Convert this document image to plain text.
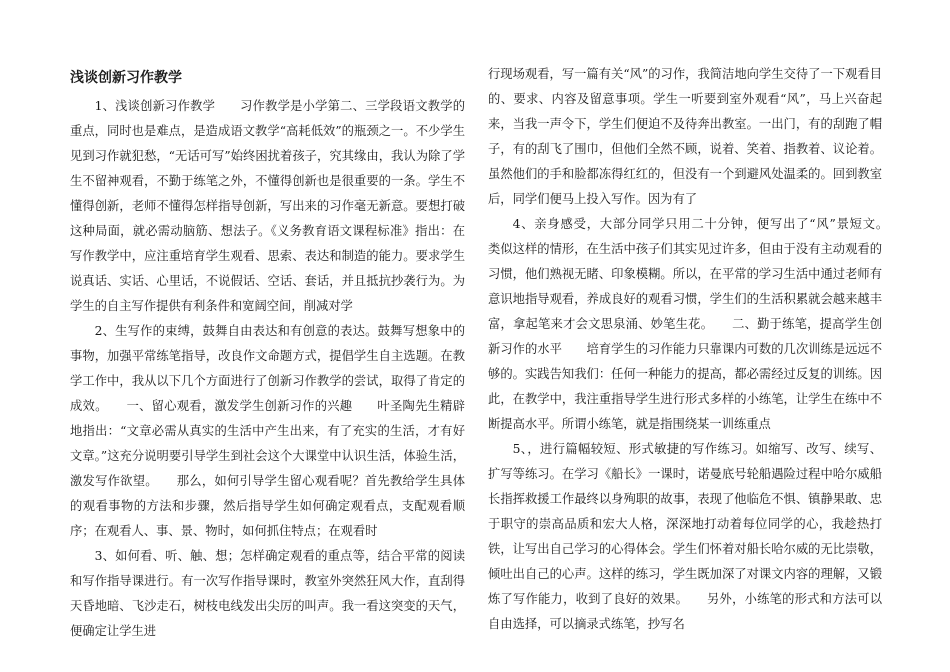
浅谈创新习作教学

1、浅谈创新习作教学　　习作教学是小学第二、三学段语文教学的重点，同时也是难点，是造成语文教学“高耗低效”的瓶颈之一。不少学生见到习作就犯愁，“无话可写”始终困扰着孩子，究其缘由，我认为除了学生不留神观看，不勤于练笔之外，不懂得创新也是很重要的一条。学生不懂得创新，老师不懂得怎样指导创新，写出来的习作毫无新意。要想打破这种局面，就必需动脑筋、想法子。《义务教育语文课程标准》指出：在写作教学中，应注重培育学生观看、思索、表达和制造的能力。要求学生说真话、实话、心里话，不说假话、空话、套话，并且抵抗抄袭行为。为学生的自主写作提供有利条件和宽阔空间，削减对学

2、生写作的束缚，鼓舞自由表达和有创意的表达。鼓舞写想象中的事物，加强平常练笔指导，改良作文命题方式，提倡学生自主选题。在教学工作中，我从以下几个方面进行了创新习作教学的尝试，取得了肯定的成效。　　一、留心观看，激发学生创新习作的兴趣　　叶圣陶先生精辟地指出：“文章必需从真实的生活中产生出来，有了充实的生活，才有好文章。”这充分说明要引导学生到社会这个大课堂中认识生活，体验生活，激发写作欲望。　　那么，如何引导学生留心观看呢？首先教给学生具体的观看事物的方法和步骤，然后指导学生如何确定观看点，支配观看顺序；在观看人、事、景、物时，如何抓住特点；在观看时

3、如何看、听、触、想；怎样确定观看的重点等，结合平常的阅读和写作指导课进行。有一次写作指导课时，教室外突然狂风大作，直刮得天昏地暗、飞沙走石，树枝电线发出尖厉的叫声。我一看这突变的天气，便确定让学生进

行现场观看，写一篇有关“风”的习作，我简洁地向学生交待了一下观看目的、要求、内容及留意事项。学生一听要到室外观看“风”，马上兴奋起来，当我一声令下，学生们便迫不及待奔出教室。一出门，有的刮跑了帽子，有的刮飞了围巾，但他们全然不顾，说着、笑着、指教着、议论着。虽然他们的手和脸都冻得红红的，但没有一个到避风处温柔的。回到教室后，同学们便马上投入写作。因为有了

4、亲身感受，大部分同学只用二十分钟，便写出了“风”景短文。　　类似这样的情形，在生活中孩子们其实见过许多，但由于没有主动观看的习惯，他们熟视无睹、印象模糊。所以，在平常的学习生活中通过老师有意识地指导观看，养成良好的观看习惯，学生们的生活积累就会越来越丰富，拿起笔来才会文思泉涌、妙笔生花。　　二、勤于练笔，提高学生创新习作的水平　　培育学生的习作能力只靠课内可数的几次训练是远远不够的。实践告知我们：任何一种能力的提高，都必需经过反复的训练。因此，在教学中，我注重指导学生进行形式多样的小练笔，让学生在练中不断提高水平。所谓小练笔，就是指围绕某一训练重点

5、，进行篇幅较短、形式敏捷的写作练习。如缩写、改写、续写、扩写等练习。在学习《船长》一课时，诺曼底号轮船遇险过程中哈尔威船长指挥救援工作最终以身殉职的故事，表现了他临危不惧、镇静果敢、忠于职守的崇高品质和宏大人格，深深地打动着每位同学的心，我趁热打铁，让写出自己学习的心得体会。学生们怀着对船长哈尔威的无比崇敬，倾吐出自己的心声。这样的练习，学生既加深了对课文内容的理解，又锻炼了写作能力，收到了良好的效果。　　另外，小练笔的形式和方法可以自由选择，可以摘录式练笔，抄写名
